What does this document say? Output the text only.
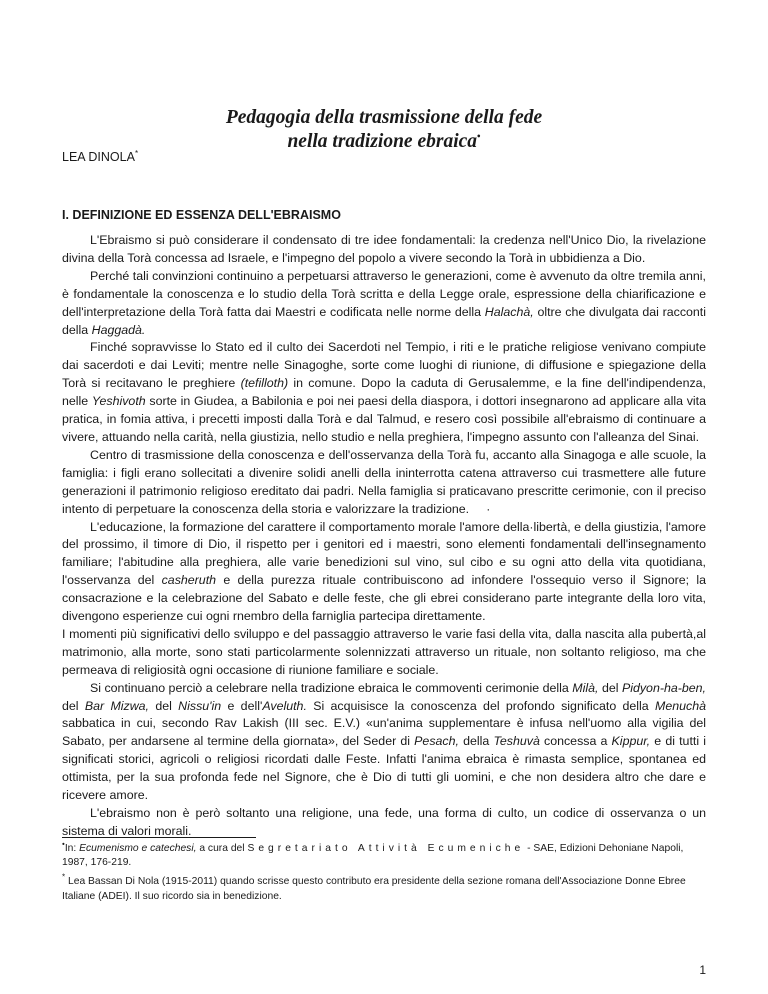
Pedagogia della trasmissione della fede
nella tradizione ebraica•
LEA DINOLA*
I. DEFINIZIONE ED ESSENZA DELL'EBRAISMO

L'Ebraismo si può considerare il condensato di tre idee fondamentali: la credenza nell'Unico Dio, la rivelazione divina della Torà concessa ad Israele, e l'impegno del popolo a vivere secondo la Torà in ubbidienza a Dio.

Perché tali convinzioni continuino a perpetuarsi attraverso le generazioni, come è avvenuto da oltre tremila anni, è fondamentale la conoscenza e lo studio della Torà scritta e della Legge orale, espressione della chiarificazione e dell'interpretazione della Torà fatta dai Maestri e codificata nelle norme della Halachà, oltre che divulgata dai racconti della Haggadà.

Finché sopravvisse lo Stato ed il culto dei Sacerdoti nel Tempio, i riti e le pratiche religiose venivano compiute dai sacerdoti e dai Leviti; mentre nelle Sinagoghe, sorte come luoghi di riunione, di diffusione e spiegazione della Torà si recitavano le preghiere (tefilloth) in comune. Dopo la caduta di Gerusalemme, e la fine dell'indipendenza, nelle Yeshivoth sorte in Giudea, a Babilonia e poi nei paesi della diaspora, i dottori insegnarono ad applicare alla vita pratica, in fomia attiva, i precetti imposti dalla Torà e dal Talmud, e resero così possibile all'ebraismo di continuare a vivere, attuando nella carità, nella giustizia, nello studio e nella preghiera, l'impegno assunto con l'alleanza del Sinai.

Centro di trasmissione della conoscenza e dell'osservanza della Torà fu, accanto alla Sinagoga e alle scuole, la famiglia: i figli erano sollecitati a divenire solidi anelli della ininterrotta catena attraverso cui trasmettere alle future generazioni il patrimonio religioso ereditato dai padri. Nella famiglia si praticavano prescritte cerimonie, con il preciso intento di perpetuare la conoscenza della storia e valorizzare la tradizione. ·

L'educazione, la formazione del carattere il comportamento morale l'amore della·libertà, e della giustizia, l'amore del prossimo, il timore di Dio, il rispetto per i genitori ed i maestri, sono elementi fondamentali dell'insegnamento familiare; l'abitudine alla preghiera, alle varie benedizioni sul vino, sul cibo e su ogni atto della vita quotidiana, l'osservanza del casheruth e della purezza rituale contribuiscono ad infondere l'ossequio verso il Signore; la consacrazione e la celebrazione del Sabato e delle feste, che gli ebrei considerano parte integrante della loro vita, divengono esperienze cui ogni rnembro della farniglia partecipa direttamente.

I momenti più significativi dello sviluppo e del passaggio attraverso le varie fasi della vita, dalla nascita alla pubertà,al matrimonio, alla morte, sono stati particolarmente solennizzati attraverso un rituale, non soltanto religioso, ma che permeava di religiosità ogni occasione di riunione familiare e sociale.

Si continuano perciò a celebrare nella tradizione ebraica le commoventi cerimonie della Milà, del Pidyon-ha-ben, del Bar Mizwa, del Nissu'in e dell'Aveluth. Si acquisisce la conoscenza del profondo significato della Menuchà sabbatica in cui, secondo Rav Lakish (III sec. E.V.) «un'anima supplementare è infusa nell'uomo alla vigilia del Sabato, per andarsene al termine della giornata», del Seder di Pesach, della Teshuvà concessa a Kippur, e di tutti i significati storici, agricoli o religiosi ricordati dalle Feste. Infatti l'anima ebraica è rimasta semplice, spontanea ed ottimista, per la sua profonda fede nel Signore, che è Dio di tutti gli uomini, e che non desidera altro che dare e ricevere amore.

L'ebraismo non è però soltanto una religione, una fede, una forma di culto, un codice di osservanza o un sistema di valori morali.

•In: Ecumenismo e catechesi, a cura del Segretariato Attività Ecumeniche - SAE, Edizioni Dehoniane Napoli, 1987, 176-219.

* Lea Bassan Di Nola (1915-2011) quando scrisse questo contributo era presidente della sezione romana dell'Associazione Donne Ebree Italiane (ADEI). Il suo ricordo sia in benedizione.

1
